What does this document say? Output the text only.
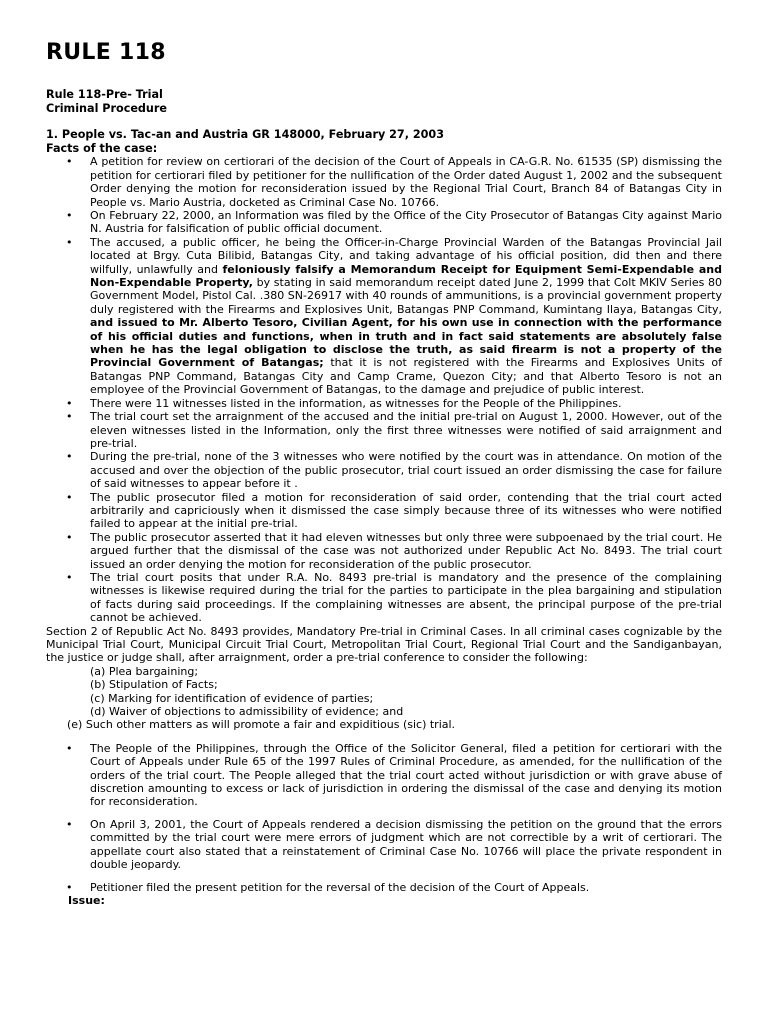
RULE 118
Rule 118-Pre- Trial
Criminal Procedure
1. People vs. Tac-an and Austria GR 148000, February 27, 2003
Facts of the case:
• A petition for review on certiorari of the decision of the Court of Appeals in CA-G.R. No. 61535 (SP) dismissing the petition for certiorari filed by petitioner for the nullification of the Order dated August 1, 2002 and the subsequent Order denying the motion for reconsideration issued by the Regional Trial Court, Branch 84 of Batangas City in People vs. Mario Austria, docketed as Criminal Case No. 10766.
• On February 22, 2000, an Information was filed by the Office of the City Prosecutor of Batangas City against Mario N. Austria for falsification of public official document.
• The accused, a public officer, he being the Officer-in-Charge Provincial Warden of the Batangas Provincial Jail located at Brgy. Cuta Bilibid, Batangas City, and taking advantage of his official position, did then and there wilfully, unlawfully and feloniously falsify a Memorandum Receipt for Equipment Semi-Expendable and Non-Expendable Property, by stating in said memorandum receipt dated June 2, 1999 that Colt MKIV Series 80 Government Model, Pistol Cal. .380 SN-26917 with 40 rounds of ammunitions, is a provincial government property duly registered with the Firearms and Explosives Unit, Batangas PNP Command, Kumintang Ilaya, Batangas City, and issued to Mr. Alberto Tesoro, Civilian Agent, for his own use in connection with the performance of his official duties and functions, when in truth and in fact said statements are absolutely false when he has the legal obligation to disclose the truth, as said firearm is not a property of the Provincial Government of Batangas; that it is not registered with the Firearms and Explosives Units of Batangas PNP Command, Batangas City and Camp Crame, Quezon City; and that Alberto Tesoro is not an employee of the Provincial Government of Batangas, to the damage and prejudice of public interest.
• There were 11 witnesses listed in the information, as witnesses for the People of the Philippines.
• The trial court set the arraignment of the accused and the initial pre-trial on August 1, 2000. However, out of the eleven witnesses listed in the Information, only the first three witnesses were notified of said arraignment and pre-trial.
• During the pre-trial, none of the 3 witnesses who were notified by the court was in attendance. On motion of the accused and over the objection of the public prosecutor, trial court issued an order dismissing the case for failure of said witnesses to appear before it .
• The public prosecutor filed a motion for reconsideration of said order, contending that the trial court acted arbitrarily and capriciously when it dismissed the case simply because three of its witnesses who were notified failed to appear at the initial pre-trial.
• The public prosecutor asserted that it had eleven witnesses but only three were subpoenaed by the trial court. He argued further that the dismissal of the case was not authorized under Republic Act No. 8493. The trial court issued an order denying the motion for reconsideration of the public prosecutor.
• The trial court posits that under R.A. No. 8493 pre-trial is mandatory and the presence of the complaining witnesses is likewise required during the trial for the parties to participate in the plea bargaining and stipulation of facts during said proceedings. If the complaining witnesses are absent, the principal purpose of the pre-trial cannot be achieved.
Section 2 of Republic Act No. 8493 provides, Mandatory Pre-trial in Criminal Cases. In all criminal cases cognizable by the Municipal Trial Court, Municipal Circuit Trial Court, Metropolitan Trial Court, Regional Trial Court and the Sandiganbayan, the justice or judge shall, after arraignment, order a pre-trial conference to consider the following:
(a) Plea bargaining;
(b) Stipulation of Facts;
(c) Marking for identification of evidence of parties;
(d) Waiver of objections to admissibility of evidence; and
(e) Such other matters as will promote a fair and expiditious (sic) trial.
• The People of the Philippines, through the Office of the Solicitor General, filed a petition for certiorari with the Court of Appeals under Rule 65 of the 1997 Rules of Criminal Procedure, as amended, for the nullification of the orders of the trial court. The People alleged that the trial court acted without jurisdiction or with grave abuse of discretion amounting to excess or lack of jurisdiction in ordering the dismissal of the case and denying its motion for reconsideration.
• On April 3, 2001, the Court of Appeals rendered a decision dismissing the petition on the ground that the errors committed by the trial court were mere errors of judgment which are not correctible by a writ of certiorari. The appellate court also stated that a reinstatement of Criminal Case No. 10766 will place the private respondent in double jeopardy.
• Petitioner filed the present petition for the reversal of the decision of the Court of Appeals.
Issue:
